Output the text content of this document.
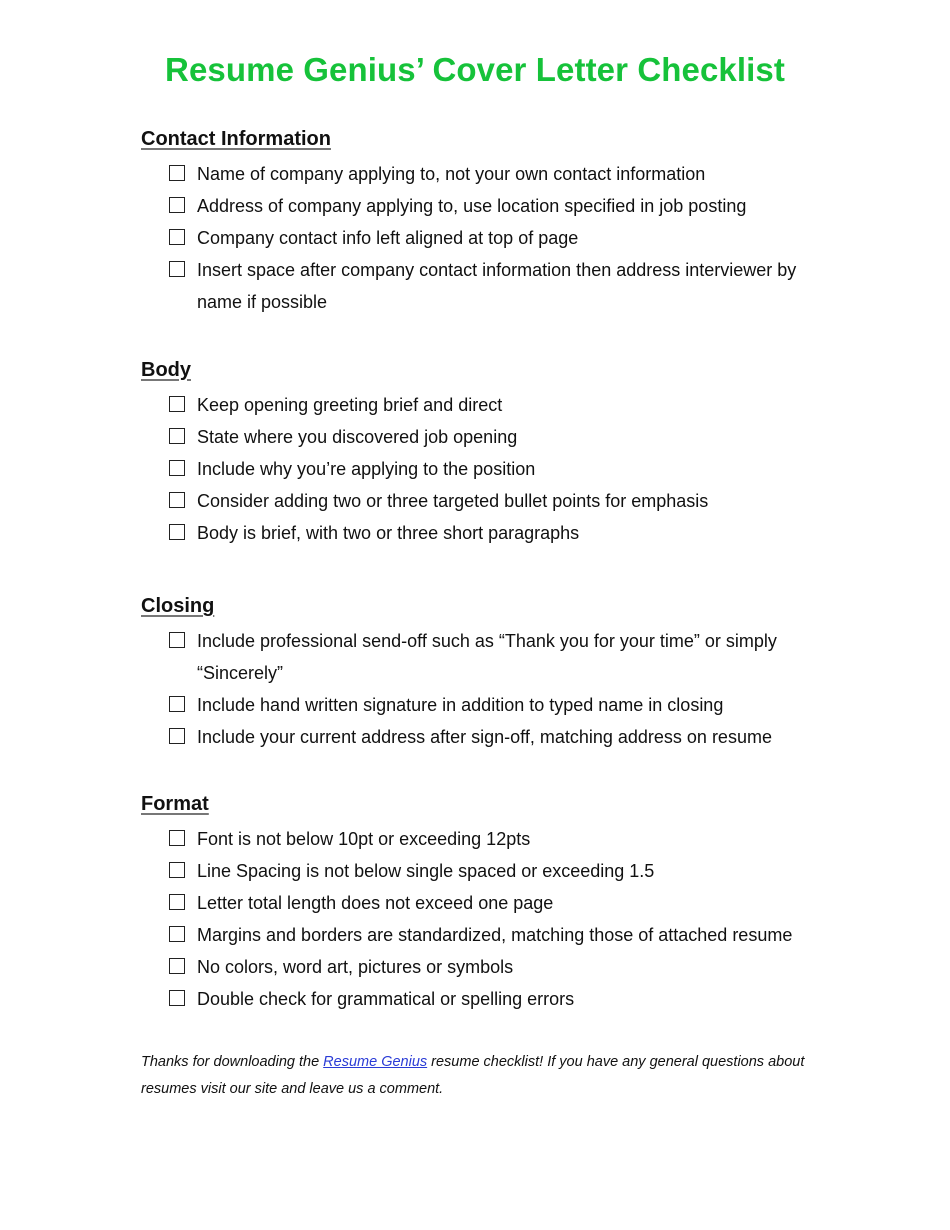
Resume Genius’ Cover Letter Checklist
Contact Information
Name of company applying to, not your own contact information
Address of company applying to, use location specified in job posting
Company contact info left aligned at top of page
Insert space after company contact information then address interviewer by name if possible
Body
Keep opening greeting brief and direct
State where you discovered job opening
Include why you’re applying to the position
Consider adding two or three targeted bullet points for emphasis
Body is brief, with two or three short paragraphs
Closing
Include professional send-off such as “Thank you for your time” or simply “Sincerely”
Include hand written signature in addition to typed name in closing
Include your current address after sign-off, matching address on resume
Format
Font is not below 10pt or exceeding 12pts
Line Spacing is not below single spaced or exceeding 1.5
Letter total length does not exceed one page
Margins and borders are standardized, matching those of attached resume
No colors, word art, pictures or symbols
Double check for grammatical or spelling errors
Thanks for downloading the Resume Genius resume checklist! If you have any general questions about resumes visit our site and leave us a comment.
